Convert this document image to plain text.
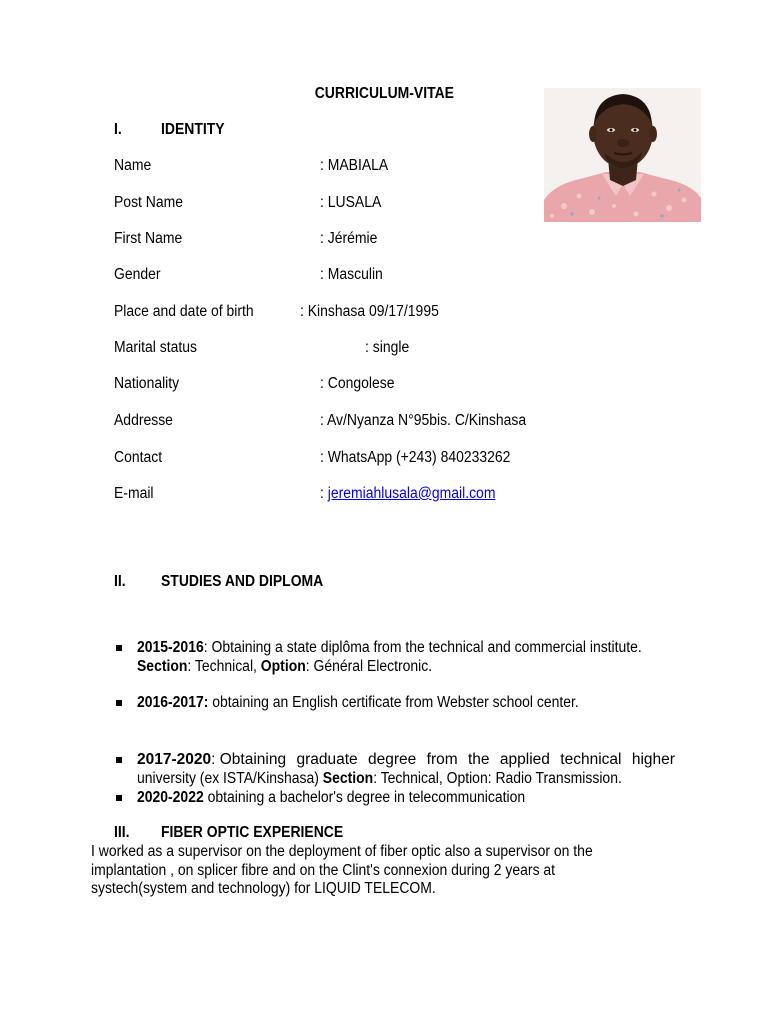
CURRICULUM-VITAE
I.	IDENTITY
Name	: MABIALA
Post Name	: LUSALA
First Name	: Jérémie
Gender	: Masculin
Place and date of birth	: Kinshasa 09/17/1995
Marital status	: single
Nationality	: Congolese
Addresse	: Av/Nyanza N°95bis. C/Kinshasa
Contact	: WhatsApp (+243) 840233262
E-mail	: jeremiahlusala@gmail.com
II. STUDIES AND DIPLOMA
2015-2016: Obtaining a state diplôma from the technical and commercial institute.
Section: Technical, Option: Général Electronic.
2016-2017: obtaining an English certificate from Webster school center.
2017-2020: Obtaining graduate degree from the applied technical higher
university (ex ISTA/Kinshasa) Section: Technical, Option: Radio Transmission.
2020-2022 obtaining a bachelor's degree in telecommunication
III. FIBER OPTIC EXPERIENCE
I worked as a supervisor on the deployment of fiber optic also a supervisor on the
implantation , on splicer fibre and on the Clint's connexion during 2 years at
systech(system and technology) for LIQUID TELECOM.
